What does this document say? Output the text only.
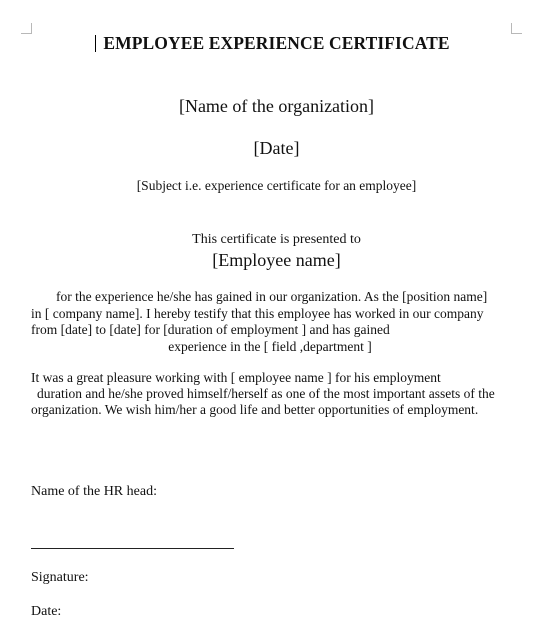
EMPLOYEE EXPERIENCE CERTIFICATE
[Name of the organization]
[Date]
[Subject i.e. experience certificate for an employee]
This certificate is presented to
[Employee name]
for the experience he/she has gained in our organization. As the [position name]
in [ company name]. I hereby testify that this employee has worked in our company
from [date] to [date] for [duration of employment ] and has gained
experience in the [ field ,department ]
It was a great pleasure working with [ employee name ] for his employment
duration and he/she proved himself/herself as one of the most important assets of the
organization. We wish him/her a good life and better opportunities of employment.
Name of the HR head:
Signature:
Date:
